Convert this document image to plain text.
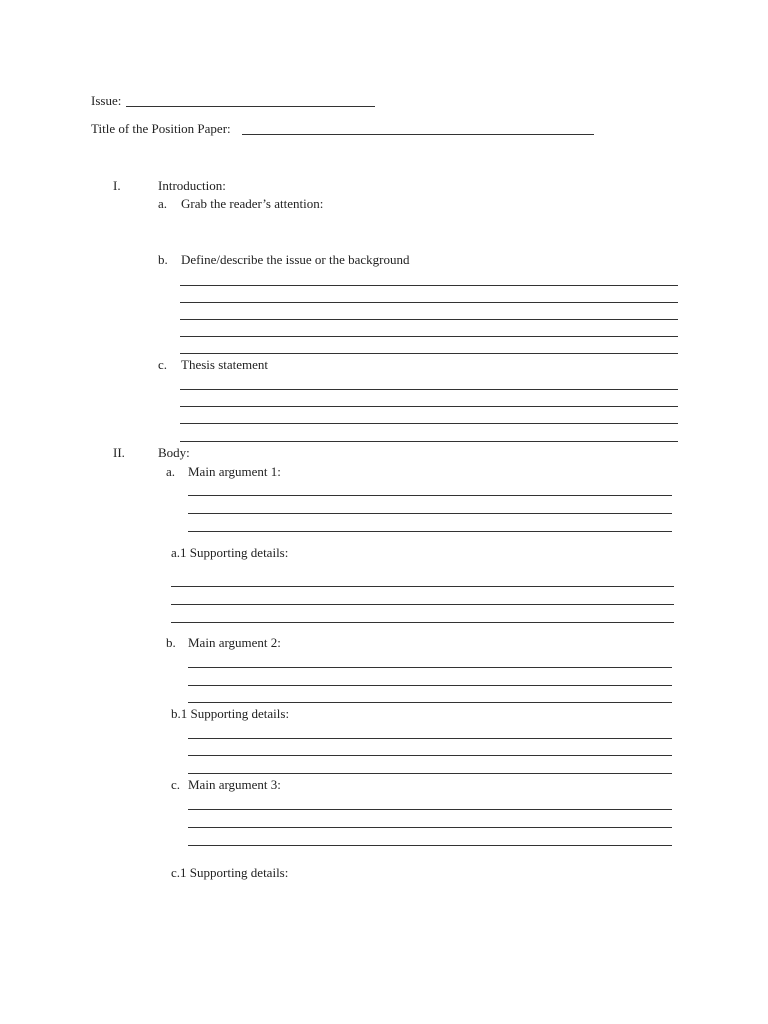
Issue:
Title of the Position Paper:
I.	Introduction:
a. Grab the reader’s attention:
b. Define/describe the issue or the background
c. Thesis statement
II.	Body:
a. Main argument 1:
a.1 Supporting details:
b. Main argument 2:
b.1 Supporting details:
c. Main argument 3:
c.1 Supporting details:
